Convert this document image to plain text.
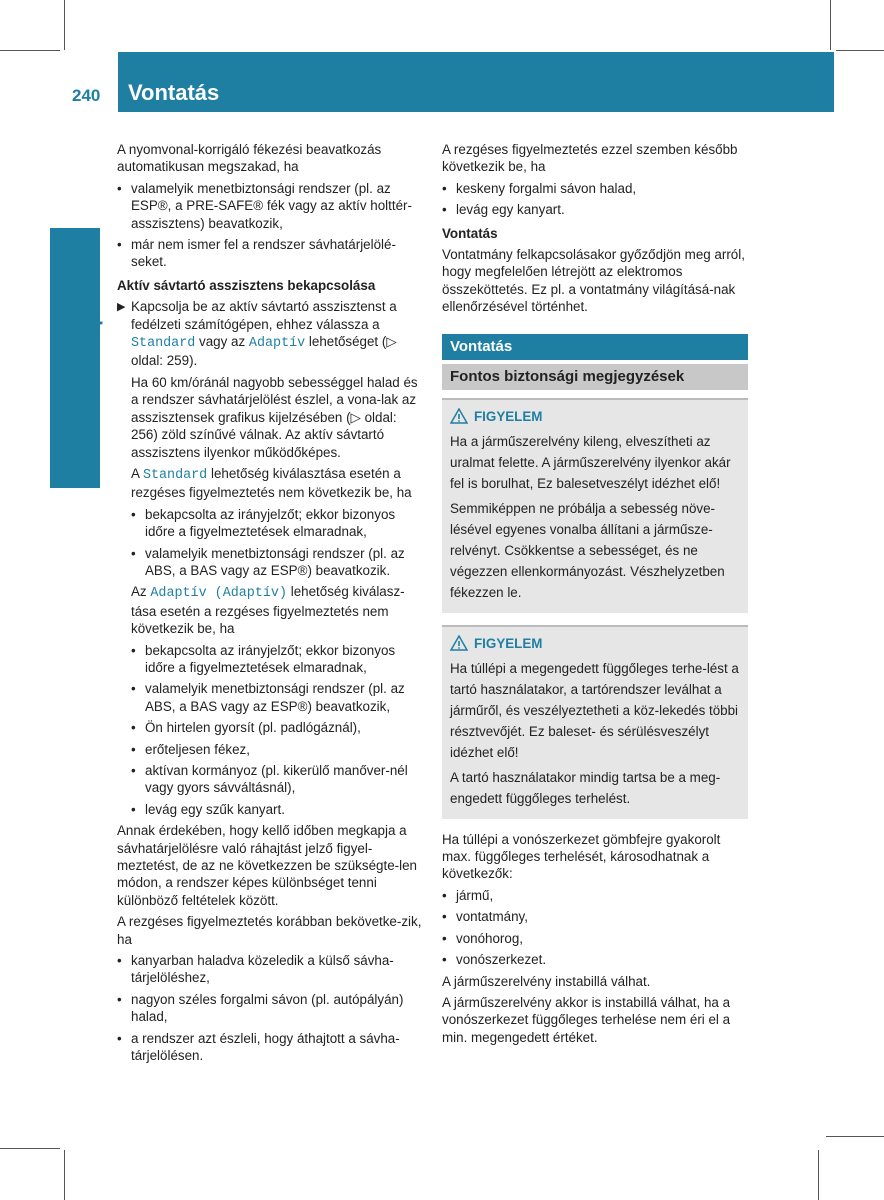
240 Vontatás
Vezetés és parkolás

A nyomvonal-korrigáló fékezési beavatkozás automatikusan megszakad, ha

• valamelyik menetbiztonsági rendszer (pl. az ESP®, a PRE-SAFE® fék vagy az aktív holttér-asszisztens) beavatkozik,
• már nem ismer fel a rendszer sávhatárjelölé-seket.
Aktív sávtartó asszisztens bekapcsolása
▶ Kapcsolja be az aktív sávtartó asszisztenst a fedélzeti számítógépen, ehhez válassza a Standard vagy az Adaptív lehetőséget (▷ oldal: 259).

Ha 60 km/óránál nagyobb sebességgel halad és a rendszer sávhatárjelölést észlel, a vona-lak az asszisztensek grafikus kijelzésében (▷ oldal: 256) zöld színűvé válnak. Az aktív sávtartó asszisztens ilyenkor működőképes.

A Standard lehetőség kiválasztása esetén a rezgéses figyelmeztetés nem következik be, ha

• bekapcsolta az irányjelzőt; ekkor bizonyos időre a figyelmeztetések elmaradnak,
• valamelyik menetbiztonsági rendszer (pl. az ABS, a BAS vagy az ESP®) beavatkozik.

Az Adaptív (Adaptív) lehetőség kiválasz-tása esetén a rezgéses figyelmeztetés nem következik be, ha

• bekapcsolta az irányjelzőt; ekkor bizonyos időre a figyelmeztetések elmaradnak,
• valamelyik menetbiztonsági rendszer (pl. az ABS, a BAS vagy az ESP®) beavatkozik,
• Ön hirtelen gyorsít (pl. padlógáznál),
• erőteljesen fékez,
• aktívan kormányoz (pl. kikerülő manőver-nél vagy gyors sávváltásnál),
• levág egy szűk kanyart.

Annak érdekében, hogy kellő időben megkapja a sávhatárjelölésre való ráhajtást jelző figyel-meztetést, de az ne következzen be szükségte-len módon, a rendszer képes különbséget tenni különböző feltételek között.

A rezgéses figyelmeztetés korábban bekövetke-zik, ha

• kanyarban haladva közeledik a külső sávha-tárjelöléshez,
• nagyon széles forgalmi sávon (pl. autópályán) halad,
• a rendszer azt észleli, hogy áthajtott a sávha-tárjelölésen.

A rezgéses figyelmeztetés ezzel szemben később következik be, ha

• keskeny forgalmi sávon halad,
• levág egy kanyart.
Vontatás

Vontatmány felkapcsolásakor győződjön meg arról, hogy megfelelően létrejött az elektromos összeköttetés. Ez pl. a vontatmány világításá-nak ellenőrzésével történhet.

Vontatás
Fontos biztonsági megjegyzések
FIGYELEM

Ha a járműszerelvény kileng, elveszítheti az uralmat felette. A járműszerelvény ilyenkor akár fel is borulhat, Ez balesetveszélyt idézhet elő!

Semmiképpen ne próbálja a sebesség növe-lésével egyenes vonalba állítani a járműsze-relvényt. Csökkentse a sebességet, és ne végezzen ellenkormányozást. Vészhelyzetben fékezzen le.

FIGYELEM

Ha túllépi a megengedett függőleges terhe-lést a tartó használatakor, a tartórendszer leválhat a járműről, és veszélyeztetheti a köz-lekedés többi résztvevőjét. Ez baleset- és sérülésveszélyt idézhet elő!

A tartó használatakor mindig tartsa be a meg-engedett függőleges terhelést.

Ha túllépi a vonószerkezet gömbfejre gyakorolt max. függőleges terhelését, károsodhatnak a következők:

• jármű,
• vontatmány,
• vonóhorog,
• vonószerkezet.

A járműszerelvény instabillá válhat.

A járműszerelvény akkor is instabillá válhat, ha a vonószerkezet függőleges terhelése nem éri el a min. megengedett értéket.
